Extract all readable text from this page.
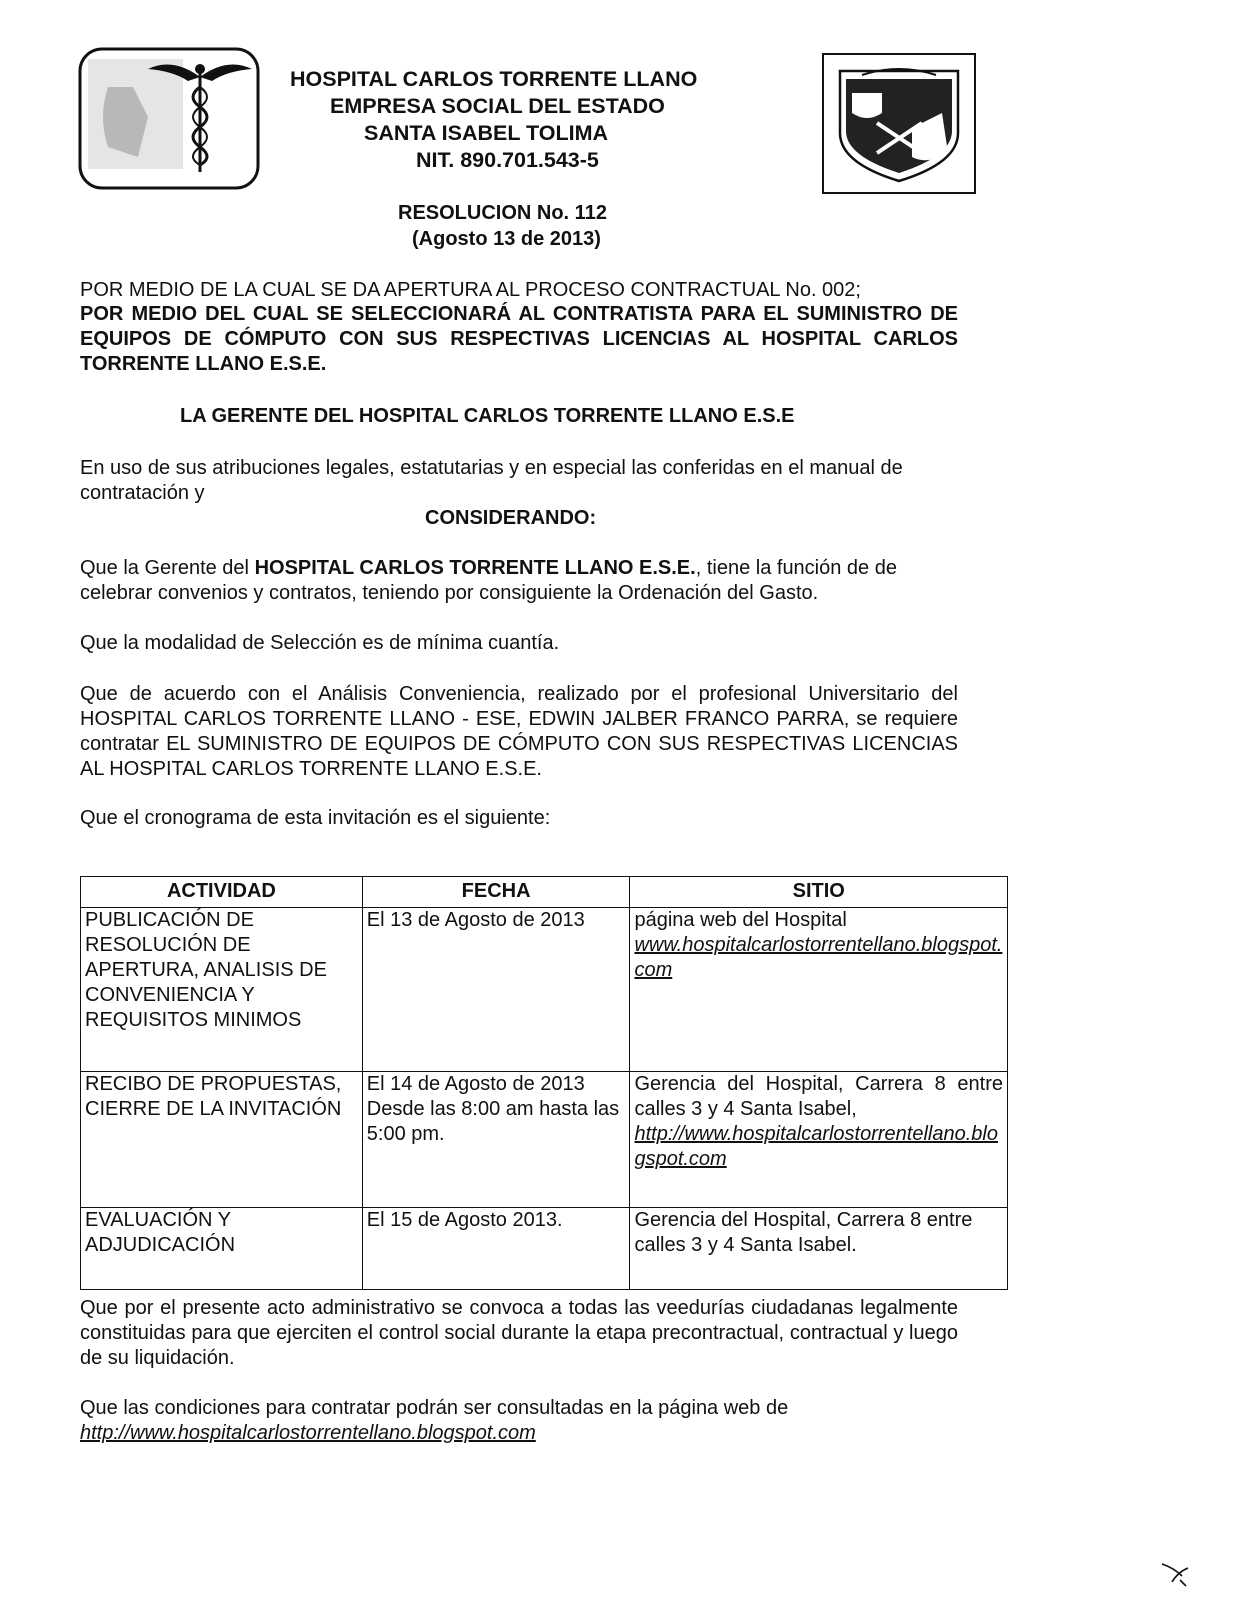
HOSPITAL CARLOS TORRENTE LLANO
EMPRESA SOCIAL DEL ESTADO
SANTA ISABEL TOLIMA
NIT. 890.701.543-5
RESOLUCION No. 112
(Agosto 13 de 2013)
POR MEDIO DE LA CUAL SE DA APERTURA AL PROCESO CONTRACTUAL No. 002;
POR MEDIO DEL CUAL SE SELECCIONARÁ AL CONTRATISTA PARA EL SUMINISTRO DE EQUIPOS DE CÓMPUTO CON SUS RESPECTIVAS LICENCIAS AL HOSPITAL CARLOS TORRENTE LLANO E.S.E.
LA GERENTE DEL HOSPITAL CARLOS TORRENTE LLANO E.S.E
En uso de sus atribuciones legales, estatutarias y en especial las conferidas en el manual de contratación y
CONSIDERANDO:
Que la Gerente del HOSPITAL CARLOS TORRENTE LLANO E.S.E., tiene la función de de celebrar convenios y contratos, teniendo por consiguiente la Ordenación del Gasto.
Que la modalidad de Selección es de mínima cuantía.
Que de acuerdo con el Análisis Conveniencia, realizado por el profesional Universitario del HOSPITAL CARLOS TORRENTE LLANO - ESE, EDWIN JALBER FRANCO PARRA, se requiere contratar EL SUMINISTRO DE EQUIPOS DE CÓMPUTO CON SUS RESPECTIVAS LICENCIAS AL HOSPITAL CARLOS TORRENTE LLANO E.S.E.
Que el cronograma de esta invitación es el siguiente:
ACTIVIDAD	FECHA	SITIO
PUBLICACIÓN DE RESOLUCIÓN DE APERTURA, ANALISIS DE CONVENIENCIA Y REQUISITOS MINIMOS	El 13 de Agosto de 2013	página web del Hospital
www.hospitalcarlostorrentellano.blogspot.com

RECIBO DE PROPUESTAS, CIERRE DE LA INVITACIÓN	El 14 de Agosto de 2013 Desde las 8:00 am hasta las 5:00 pm.	Gerencia del Hospital, Carrera 8 entre calles 3 y 4 Santa Isabel,
http://www.hospitalcarlostorrentellano.blogspot.com

EVALUACIÓN Y ADJUDICACIÓN	El 15 de Agosto 2013.	Gerencia del Hospital, Carrera 8 entre calles 3 y 4 Santa Isabel.
Que por el presente acto administrativo se convoca a todas las veedurías ciudadanas legalmente constituidas para que ejerciten el control social durante la etapa precontractual, contractual y luego de su liquidación.
Que las condiciones para contratar podrán ser consultadas en la página web de
http://www.hospitalcarlostorrentellano.blogspot.com
